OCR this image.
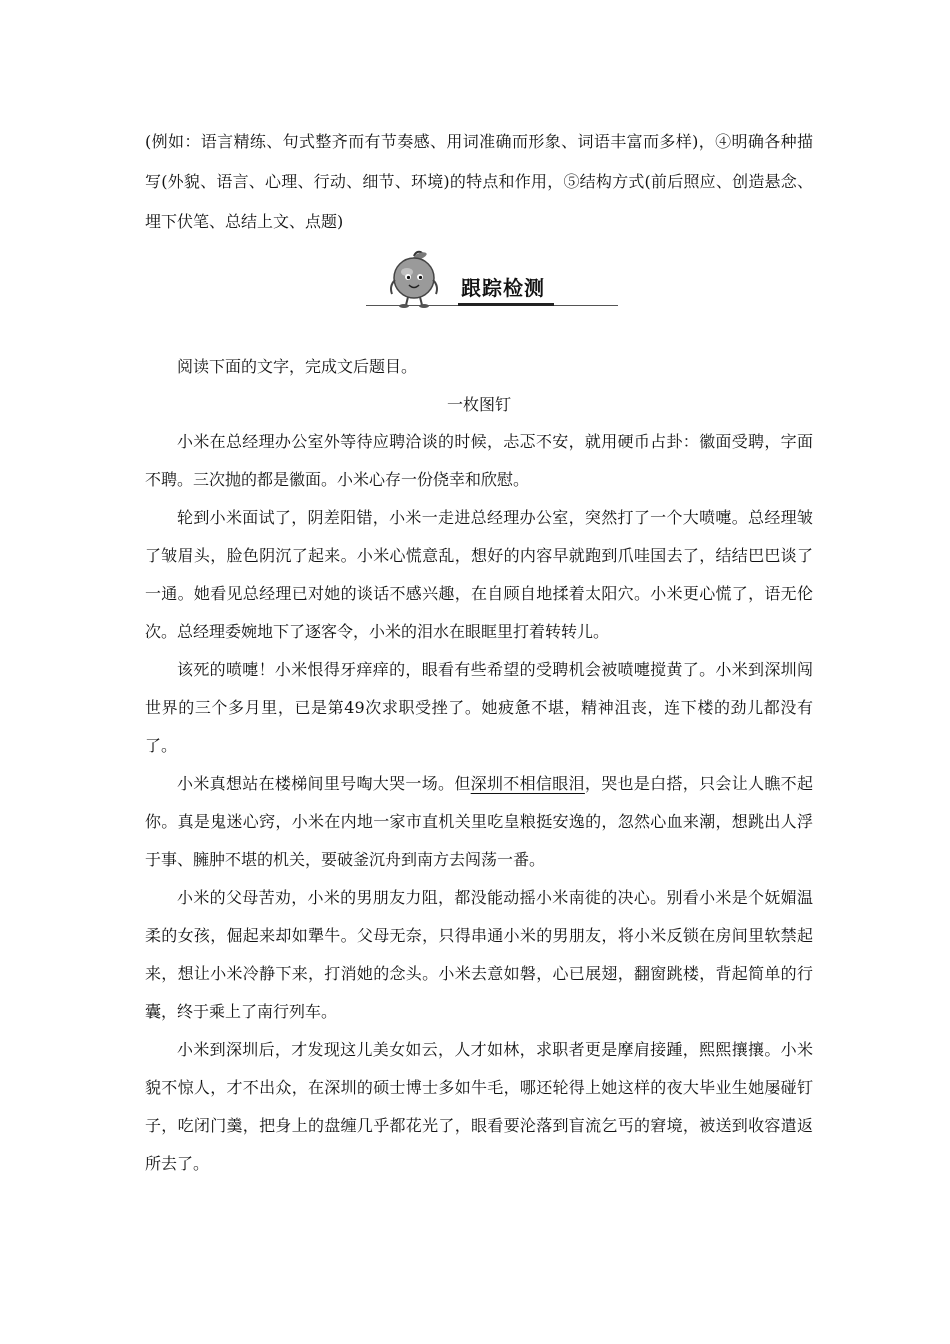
(例如：语言精练、句式整齐而有节奏感、用词准确而形象、词语丰富而多样)，④明确各种描写(外貌、语言、心理、行动、细节、环境)的特点和作用，⑤结构方式(前后照应、创造悬念、埋下伏笔、总结上文、点题)
跟踪检测

阅读下面的文字，完成文后题目。

一枚图钉

小米在总经理办公室外等待应聘洽谈的时候，忐忑不安，就用硬币占卦：徽面受聘，字面不聘。三次抛的都是徽面。小米心存一份侥幸和欣慰。

轮到小米面试了，阴差阳错，小米一走进总经理办公室，突然打了一个大喷嚏。总经理皱了皱眉头，脸色阴沉了起来。小米心慌意乱，想好的内容早就跑到爪哇国去了，结结巴巴谈了一通。她看见总经理已对她的谈话不感兴趣，在自顾自地揉着太阳穴。小米更心慌了，语无伦次。总经理委婉地下了逐客令，小米的泪水在眼眶里打着转转儿。

该死的喷嚏！小米恨得牙痒痒的，眼看有些希望的受聘机会被喷嚏搅黄了。小米到深圳闯世界的三个多月里，已是第49次求职受挫了。她疲惫不堪，精神沮丧，连下楼的劲儿都没有了。

小米真想站在楼梯间里号啕大哭一场。但深圳不相信眼泪，哭也是白搭，只会让人瞧不起你。真是鬼迷心窍，小米在内地一家市直机关里吃皇粮挺安逸的，忽然心血来潮，想跳出人浮于事、臃肿不堪的机关，要破釜沉舟到南方去闯荡一番。

小米的父母苦劝，小米的男朋友力阻，都没能动摇小米南徙的决心。别看小米是个妩媚温柔的女孩，倔起来却如犟牛。父母无奈，只得串通小米的男朋友，将小米反锁在房间里软禁起来，想让小米冷静下来，打消她的念头。小米去意如磐，心已展翅，翻窗跳楼，背起简单的行囊，终于乘上了南行列车。

小米到深圳后，才发现这儿美女如云，人才如林，求职者更是摩肩接踵，熙熙攘攘。小米貌不惊人，才不出众，在深圳的硕士博士多如牛毛，哪还轮得上她这样的夜大毕业生她屡碰钉子，吃闭门羹，把身上的盘缠几乎都花光了，眼看要沦落到盲流乞丐的窘境，被送到收容遣返所去了。
